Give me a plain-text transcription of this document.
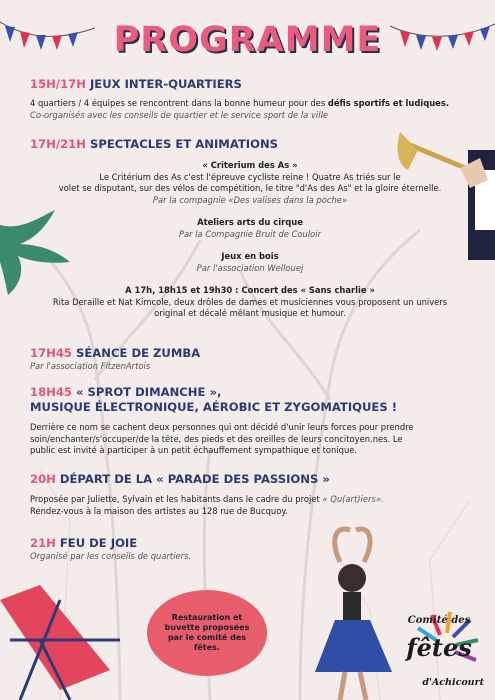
PROGRAMME
15H/17H JEUX INTER-QUARTIERS
4 quartiers / 4 équipes se rencontrent dans la bonne humeur pour des défis sportifs et ludiques.
Co-organisés avec les conseils de quartier et le service sport de la ville
17H/21H SPECTACLES ET ANIMATIONS
« Criterium des As »
Le Critérium des As c'est l'épreuve cycliste reine ! Quatre As triés sur le
volet se disputant, sur des vélos de compétition, le titre "d'As des As" et la gloire éternelle.
Par la compagnie «Des valises dans la poche»
Ateliers arts du cirque
Par la Compagnie Bruit de Couloir
Jeux en bois
Par l'association Wellouej
A 17h, 18h15 et 19h30 : Concert des « Sans charlie »
Rita Deraille et Nat Kimcole, deux drôles de dames et musiciennes vous proposent un univers
original et décalé mêlant musique et humour.
17H45 SÉANCE DE ZUMBA
Par l'association FitzenArtois
18H45 « SPROT DIMANCHE »,
MUSIQUE ÉLECTRONIQUE, AÉROBIC ET ZYGOMATIQUES !
Derrière ce nom se cachent deux personnes qui ont décidé d'unir leurs forces pour prendre
soin/enchanter/s'occuper/de la tête, des pieds et des oreilles de leurs concitoyen.nes. Le
public est invité à participer à un petit échauffement sympathique et tonique.
20H DÉPART DE LA « PARADE DES PASSIONS »
Proposée par Juliette, Sylvain et les habitants dans le cadre du projet « Qu(art)iers».
Rendez-vous à la maison des artistes au 128 rue de Bucquoy.
21H FEU DE JOIE
Organisé par les conseils de quartiers.
Restauration et buvette proposées par le comité des fêtes.
Comité des
fêtes
d'Achicourt
